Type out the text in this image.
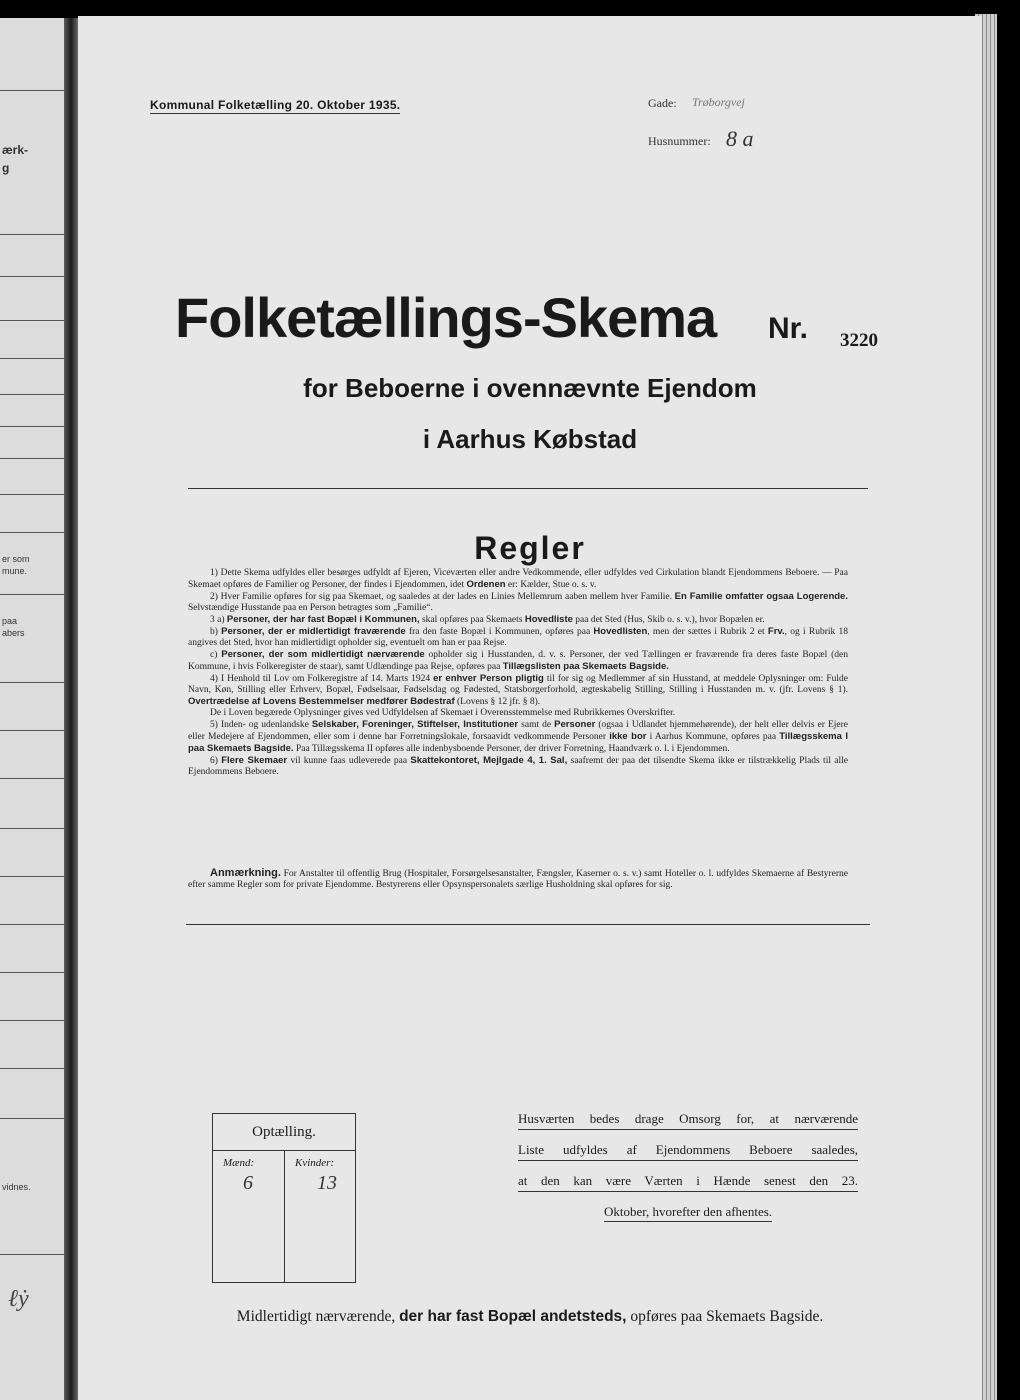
ærk-
g
er som
mune.
paa
abers
vidnes.
ℓẏ
Kommunal Folketælling 20. Oktober 1935.	Gade: Trøborgvej
Husnummer: 8 a
Folketællings-Skema Nr. 3220
for Beboerne i ovennævnte Ejendom
i Aarhus Købstad
Regler

1) Dette Skema udfyldes eller besørges udfyldt af Ejeren, Viceværten eller andre Vedkommende, eller udfyldes ved Cirkulation blandt Ejendommens Beboere. — Paa Skemaet opføres de Familier og Personer, der findes i Ejendommen, idet Ordenen er: Kælder, Stue o. s. v.

2) Hver Familie opføres for sig paa Skemaet, og saaledes at der lades en Linies Mellemrum aaben mellem hver Familie. En Familie omfatter ogsaa Logerende. Selvstændige Husstande paa en Person betragtes som „Familie“.

3 a) Personer, der har fast Bopæl i Kommunen, skal opføres paa Skemaets Hovedliste paa det Sted (Hus, Skib o. s. v.), hvor Bopælen er.

b) Personer, der er midlertidigt fraværende fra den faste Bopæl i Kommunen, opføres paa Hovedlisten, men der sættes i Rubrik 2 et Frv., og i Rubrik 18 angives det Sted, hvor han midlertidigt opholder sig, eventuelt om han er paa Rejse.

c) Personer, der som midlertidigt nærværende opholder sig i Husstanden, d. v. s. Personer, der ved Tællingen er fraværende fra deres faste Bopæl (den Kommune, i hvis Folkeregister de staar), samt Udlændinge paa Rejse, opføres paa Tillægslisten paa Skemaets Bagside.

4) I Henhold til Lov om Folkeregistre af 14. Marts 1924 er enhver Person pligtig til for sig og Medlemmer af sin Husstand, at meddele Oplysninger om: Fulde Navn, Køn, Stilling eller Erhverv, Bopæl, Fødselsaar, Fødselsdag og Fødested, Statsborgerforhold, ægteskabelig Stilling, Stilling i Husstanden m. v. (jfr. Lovens § 1). Overtrædelse af Lovens Bestemmelser medfører Bødestraf (Lovens § 12 jfr. § 8).

De i Loven begærede Oplysninger gives ved Udfyldelsen af Skemaet i Overensstemmelse med Rubrikkernes Overskrifter.

5) Inden- og udenlandske Selskaber, Foreninger, Stiftelser, Institutioner samt de Personer (ogsaa i Udlandet hjemmehørende), der helt eller delvis er Ejere eller Medejere af Ejendommen, eller som i denne har Forretningslokale, forsaavidt vedkommende Personer ikke bor i Aarhus Kommune, opføres paa Tillægsskema I paa Skemaets Bagside. Paa Tillægsskema II opføres alle indenbysboende Personer, der driver Forretning, Haandværk o. l. i Ejendommen.

6) Flere Skemaer vil kunne faas udleverede paa Skattekontoret, Mejlgade 4, 1. Sal, saafremt der paa det tilsendte Skema ikke er tilstrækkelig Plads til alle Ejendommens Beboere.

Anmærkning. For Anstalter til offentlig Brug (Hospitaler, Forsørgelsesanstalter, Fængsler, Kaserner o. s. v.) samt Hoteller o. l. udfyldes Skemaerne af Bestyrerne efter samme Regler som for private Ejendomme. Bestyrerens eller Opsynspersonalets særlige Husholdning skal opføres for sig.

Optælling.
Mænd:	Kvinder:
6	13
Husværten bedes drage Omsorg for, at nærværende
Liste udfyldes af Ejendommens Beboere saaledes,
at den kan være Værten i Hænde senest den 23.
Oktober, hvorefter den afhentes.
Midlertidigt nærværende, der har fast Bopæl andetsteds, opføres paa Skemaets Bagside.
